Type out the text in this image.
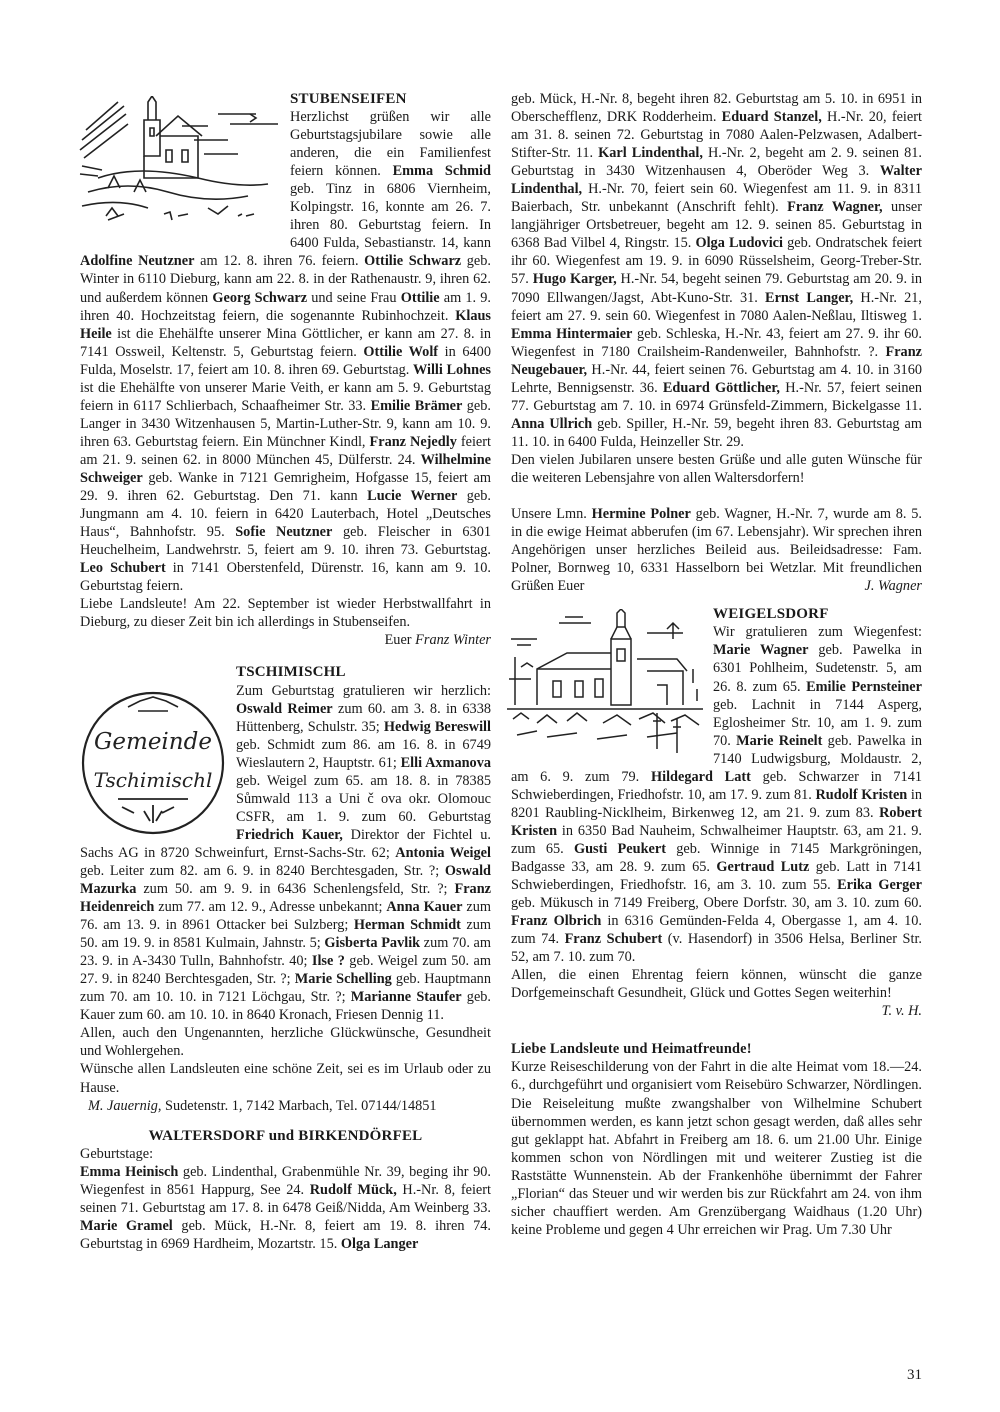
STUBENSEIFEN

Herzlichst grüßen wir alle Geburtstagsjubilare sowie alle anderen, die ein Familienfest feiern können. Emma Schmid geb. Tinz in 6806 Viernheim, Kolpingstr. 16, konnte am 26. 7. ihren 80. Geburtstag feiern. In 6400 Fulda, Sebastianstr. 14, kann Adolfine Neutzner am 12. 8. ihren 76. feiern. Ottilie Schwarz geb. Winter in 6110 Dieburg, kann am 22. 8. in der Rathenaustr. 9, ihren 62. und außerdem können Georg Schwarz und seine Frau Ottilie am 1. 9. ihren 40. Hochzeitstag feiern, die sogenannte Rubinhochzeit. Klaus Heile ist die Ehehälfte unserer Mina Göttlicher, er kann am 27. 8. in 7141 Ossweil, Keltenstr. 5, Geburtstag feiern. Ottilie Wolf in 6400 Fulda, Moselstr. 17, feiert am 10. 8. ihren 69. Geburtstag. Willi Lohnes ist die Ehehälfte von unserer Marie Veith, er kann am 5. 9. Geburtstag feiern in 6117 Schlierbach, Schaafheimer Str. 33. Emilie Brämer geb. Langer in 3430 Witzenhausen 5, Martin-Luther-Str. 9, kann am 10. 9. ihren 63. Geburtstag feiern. Ein Münchner Kindl, Franz Nejedly feiert am 21. 9. seinen 62. in 8000 München 45, Dülferstr. 24. Wilhelmine Schweiger geb. Wanke in 7121 Gemrigheim, Hofgasse 15, feiert am 29. 9. ihren 62. Geburtstag. Den 71. kann Lucie Werner geb. Jungmann am 4. 10. feiern in 6420 Lauterbach, Hotel „Deutsches Haus“, Bahnhofstr. 95. Sofie Neutzner geb. Fleischer in 6301 Heuchelheim, Landwehrstr. 5, feiert am 9. 10. ihren 73. Geburtstag. Leo Schubert in 7141 Oberstenfeld, Dürenstr. 16, kann am 9. 10. Geburtstag feiern.

Liebe Landsleute! Am 22. September ist wieder Herbstwallfahrt in Dieburg, zu dieser Zeit bin ich allerdings in Stubenseifen.

Euer Franz Winter

Gemeinde
Tschimischl

TSCHIMISCHL

Zum Geburtstag gratulieren wir herzlich: Oswald Reimer zum 60. am 3. 8. in 6338 Hüttenberg, Schulstr. 35; Hedwig Bereswill geb. Schmidt zum 86. am 16. 8. in 6749 Wieslautern 2, Hauptstr. 61; Elli Axmanova geb. Weigel zum 65. am 18. 8. in 78385 Sůmwald 113 a Uni č ova okr. Olomouc CSFR, am 1. 9. zum 60. Geburtstag Friedrich Kauer, Direktor der Fichtel u. Sachs AG in 8720 Schweinfurt, Ernst-Sachs-Str. 62; Antonia Weigel geb. Leiter zum 82. am 6. 9. in 8240 Berchtesgaden, Str. ?; Oswald Mazurka zum 50. am 9. 9. in 6436 Schenlengsfeld, Str. ?; Franz Heidenreich zum 77. am 12. 9., Adresse unbekannt; Anna Kauer zum 76. am 13. 9. in 8961 Ottacker bei Sulzberg; Herman Schmidt zum 50. am 19. 9. in 8581 Kulmain, Jahnstr. 5; Gisberta Pavlik zum 70. am 23. 9. in A-3430 Tulln, Bahnhofstr. 40; Ilse ? geb. Weigel zum 50. am 27. 9. in 8240 Berchtesgaden, Str. ?; Marie Schelling geb. Hauptmann zum 70. am 10. 10. in 7121 Löchgau, Str. ?; Marianne Staufer geb. Kauer zum 60. am 10. 10. in 8640 Kronach, Friesen Dennig 11.

Allen, auch den Ungenannten, herzliche Glückwünsche, Gesundheit und Wohlergehen.

Wünsche allen Landsleuten eine schöne Zeit, sei es im Urlaub oder zu Hause.

M. Jauernig, Sudetenstr. 1, 7142 Marbach, Tel. 07144/14851

WALTERSDORF und BIRKENDÖRFEL

Geburtstage:

Emma Heinisch geb. Lindenthal, Grabenmühle Nr. 39, beging ihr 90. Wiegenfest in 8561 Happurg, See 24. Rudolf Mück, H.-Nr. 8, feiert seinen 71. Geburtstag am 17. 8. in 6478 Geiß/Nidda, Am Weinberg 33. Marie Gramel geb. Mück, H.-Nr. 8, feiert am 19. 8. ihren 74. Geburtstag in 6969 Hardheim, Mozartstr. 15. Olga Langer

geb. Mück, H.-Nr. 8, begeht ihren 82. Geburtstag am 5. 10. in 6951 in Oberschefflenz, DRK Rodderheim. Eduard Stanzel, H.-Nr. 20, feiert am 31. 8. seinen 72. Geburtstag in 7080 Aalen-Pelzwasen, Adalbert-Stifter-Str. 11. Karl Lindenthal, H.-Nr. 2, begeht am 2. 9. seinen 81. Geburtstag in 3430 Witzenhausen 4, Oberöder Weg 3. Walter Lindenthal, H.-Nr. 70, feiert sein 60. Wiegenfest am 11. 9. in 8311 Baierbach, Str. unbekannt (Anschrift fehlt). Franz Wagner, unser langjähriger Ortsbetreuer, begeht am 12. 9. seinen 85. Geburtstag in 6368 Bad Vilbel 4, Ringstr. 15. Olga Ludovici geb. Ondratschek feiert ihr 60. Wiegenfest am 19. 9. in 6090 Rüsselsheim, Georg-Treber-Str. 57. Hugo Karger, H.-Nr. 54, begeht seinen 79. Geburtstag am 20. 9. in 7090 Ellwangen/Jagst, Abt-Kuno-Str. 31. Ernst Langer, H.-Nr. 21, feiert am 27. 9. sein 60. Wiegenfest in 7080 Aalen-Neßlau, Iltisweg 1. Emma Hintermaier geb. Schleska, H.-Nr. 43, feiert am 27. 9. ihr 60. Wiegenfest in 7180 Crailsheim-Randenweiler, Bahnhofstr. ?. Franz Neugebauer, H.-Nr. 44, feiert seinen 76. Geburtstag am 4. 10. in 3160 Lehrte, Bennigsenstr. 36. Eduard Göttlicher, H.-Nr. 57, feiert seinen 77. Geburtstag am 7. 10. in 6974 Grünsfeld-Zimmern, Bickelgasse 11. Anna Ullrich geb. Spiller, H.-Nr. 59, begeht ihren 83. Geburtstag am 11. 10. in 6400 Fulda, Heinzeller Str. 29.

Den vielen Jubilaren unsere besten Grüße und alle guten Wünsche für die weiteren Lebensjahre von allen Waltersdorfern!

Unsere Lmn. Hermine Polner geb. Wagner, H.-Nr. 7, wurde am 8. 5. in die ewige Heimat abberufen (im 67. Lebensjahr). Wir sprechen ihren Angehörigen unser herzliches Beileid aus. Beileidsadresse: Fam. Polner, Bornweg 10, 6331 Hasselborn bei Wetzlar. Mit freundlichen Grüßen Euer	J. Wagner

WEIGELSDORF

Wir gratulieren zum Wiegenfest: Marie Wagner geb. Pawelka in 6301 Pohlheim, Sudetenstr. 5, am 26. 8. zum 65. Emilie Pernsteiner geb. Lachnit in 7144 Asperg, Eglosheimer Str. 10, am 1. 9. zum 70. Marie Reinelt geb. Pawelka in 7140 Ludwigsburg, Moldaustr. 2, am 6. 9. zum 79. Hildegard Latt geb. Schwarzer in 7141 Schwieberdingen, Friedhofstr. 10, am 17. 9. zum 81. Rudolf Kristen in 8201 Raubling-Nicklheim, Birkenweg 12, am 21. 9. zum 83. Robert Kristen in 6350 Bad Nauheim, Schwalheimer Hauptstr. 63, am 21. 9. zum 65. Gusti Peukert geb. Winnige in 7145 Markgröningen, Badgasse 33, am 28. 9. zum 65. Gertraud Lutz geb. Latt in 7141 Schwieberdingen, Friedhofstr. 16, am 3. 10. zum 55. Erika Gerger geb. Mükusch in 7149 Freiberg, Obere Dorfstr. 30, am 3. 10. zum 60. Franz Olbrich in 6316 Gemünden-Felda 4, Obergasse 1, am 4. 10. zum 74. Franz Schubert (v. Hasendorf) in 3506 Helsa, Berliner Str. 52, am 7. 10. zum 70.

Allen, die einen Ehrentag feiern können, wünscht die ganze Dorfgemeinschaft Gesundheit, Glück und Gottes Segen weiterhin!
T. v. H.

Liebe Landsleute und Heimatfreunde!

Kurze Reiseschilderung von der Fahrt in die alte Heimat vom 18.—24. 6., durchgeführt und organisiert vom Reisebüro Schwarzer, Nördlingen. Die Reiseleitung mußte zwangshalber von Wilhelmine Schubert übernommen werden, es kann jetzt schon gesagt werden, daß alles sehr gut geklappt hat. Abfahrt in Freiberg am 18. 6. um 21.00 Uhr. Einige kommen schon von Nördlingen mit und weiterer Zustieg ist die Raststätte Wunnenstein. Ab der Frankenhöhe übernimmt der Fahrer „Florian“ das Steuer und wir werden bis zur Rückfahrt am 24. von ihm sicher chauffiert werden. Am Grenzübergang Waidhaus (1.20 Uhr) keine Probleme und gegen 4 Uhr erreichen wir Prag. Um 7.30 Uhr

31
